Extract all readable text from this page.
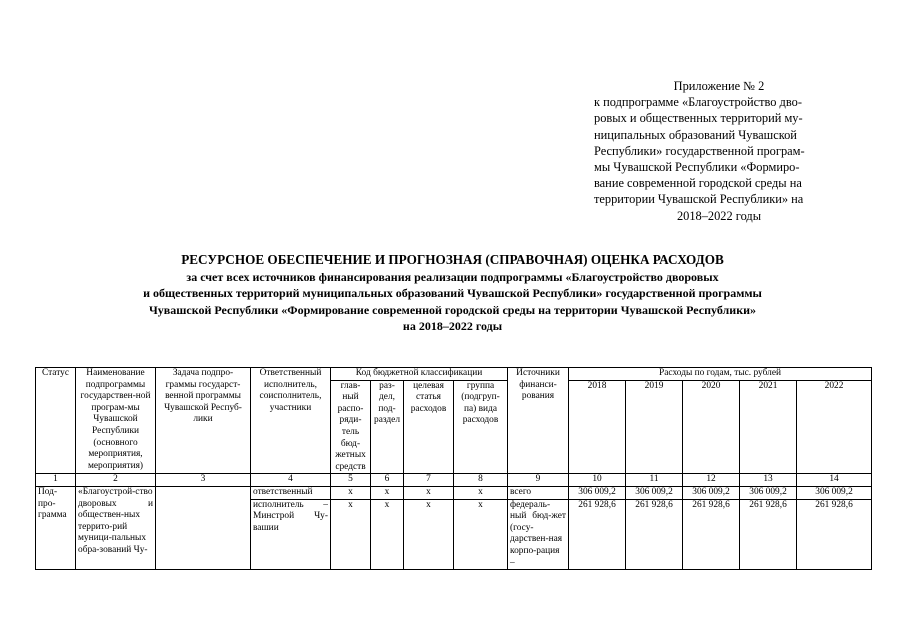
Приложение № 2
к подпрограмме «Благоустройство дво-
ровых и общественных территорий му-
ниципальных образований Чувашской
Республики» государственной програм-
мы Чувашской Республики «Формиро-
вание современной городской среды на
территории Чувашской Республики» на
2018–2022 годы
РЕСУРСНОЕ ОБЕСПЕЧЕНИЕ И ПРОГНОЗНАЯ (СПРАВОЧНАЯ) ОЦЕНКА РАСХОДОВ
за счет всех источников финансирования реализации подпрограммы «Благоустройство дворовых
и общественных территорий муниципальных образований Чувашской Республики» государственной программы
Чувашской Республики «Формирование современной городской среды на территории Чувашской Республики»
на 2018–2022 годы
Статус	Наименование подпрограммы государствен-ной програм-мы Чувашской Республики (основного мероприятия, мероприятия)	Задача подпро-граммы государст-венной программы Чувашской Респуб-лики	Ответственный исполнитель, соисполнитель, участники	Код бюджетной классификации				Источники финанси-рования	Расходы по годам, тыс. рублей				
				глав-ный распо-ряди-тель бюд-жетных средств	раз-дел, под-раздел	целевая статья расходов	группа (подгруп-па) вида расходов		2018	2019	2020	2021	2022
1	2	3	4	5	6	7	8	9	10	11	12	13	14
Под-про-грамма	«Благоустрой-ство дворовых и обществен-ных террито-рий муници-пальных обра-зований Чу-		ответственный	x	x	x	x	всего	306 009,2	306 009,2	306 009,2	306 009,2	306 009,2
			исполнитель – Минстрой Чу-вашии	x	x	x	x	федераль-ный бюд-жет (госу-дарствен-ная корпо-рация –	261 928,6	261 928,6	261 928,6	261 928,6	261 928,6
